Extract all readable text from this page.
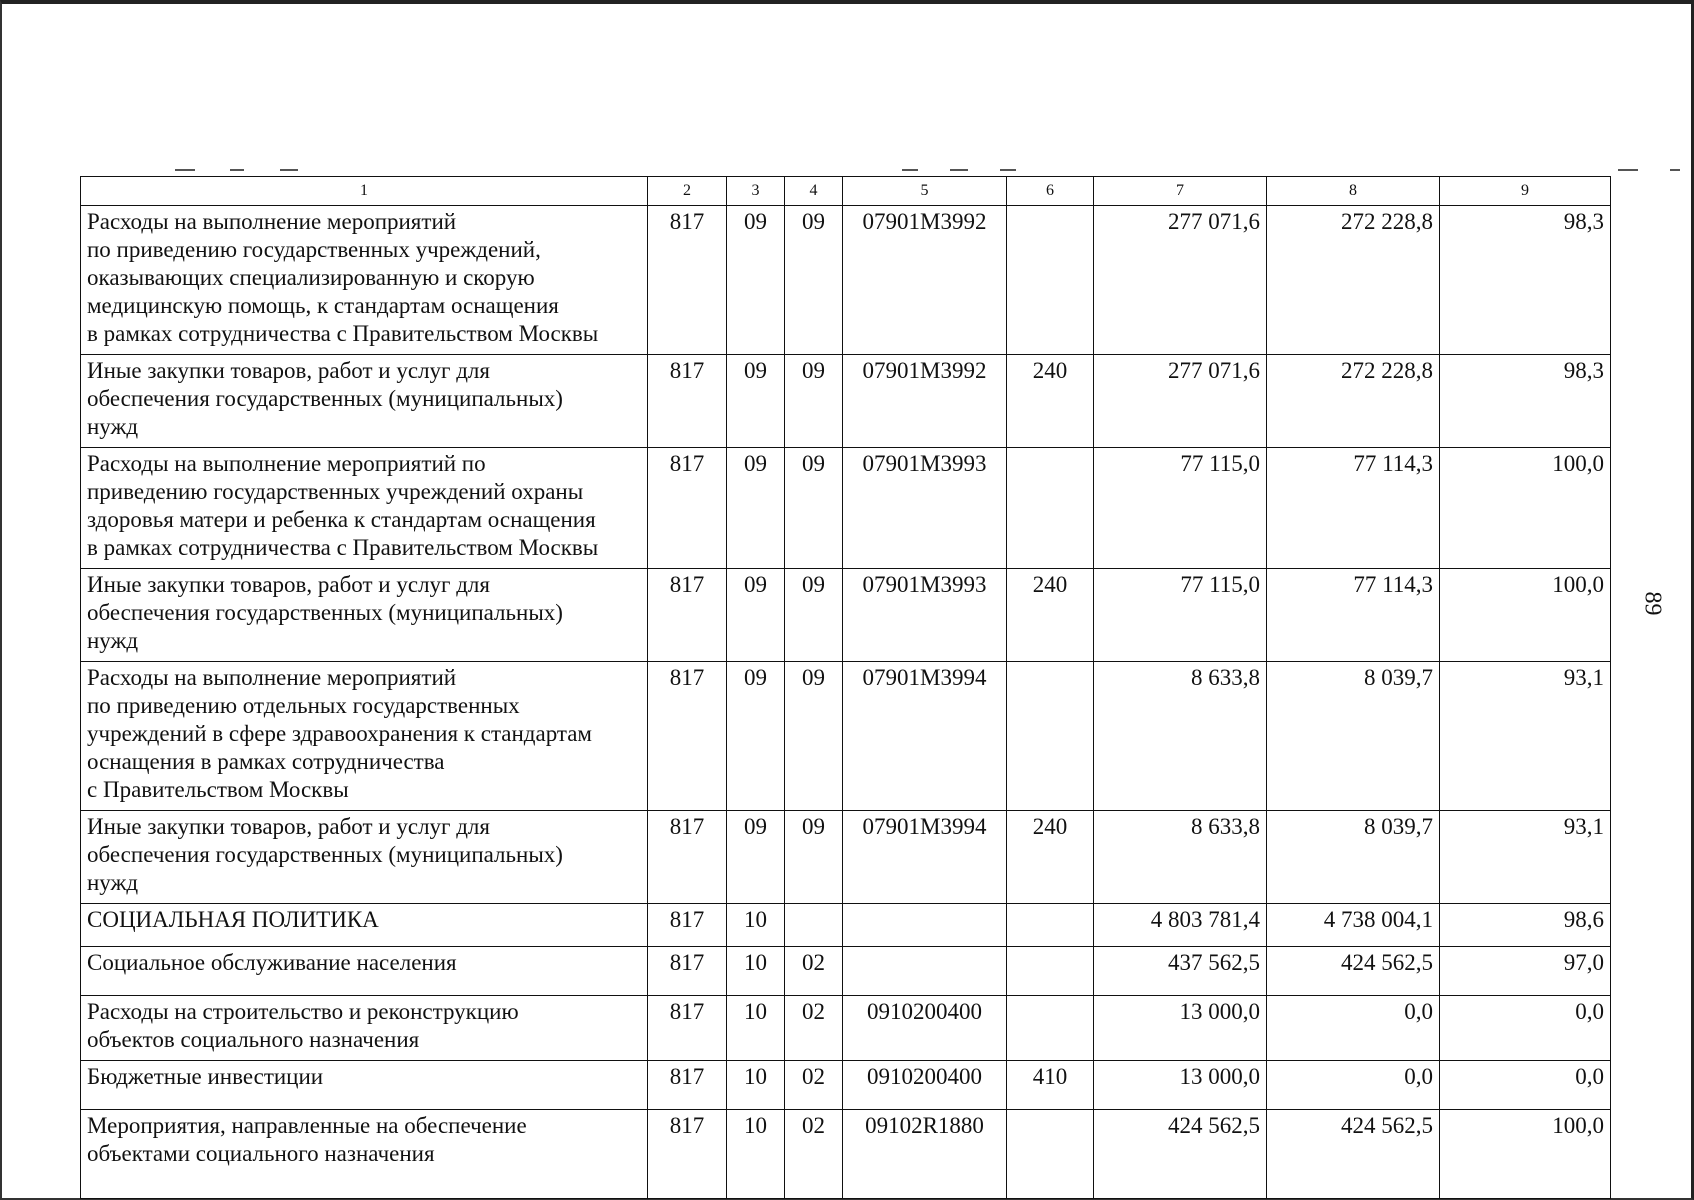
1	2	3	4	5	6	7	8	9
Расходы на выполнение мероприятий
по приведению государственных учреждений,
оказывающих специализированную и скорую
медицинскую помощь, к стандартам оснащения
в рамках сотрудничества с Правительством Москвы	817	09	09	07901M3992		277 071,6	272 228,8	98,3
Иные закупки товаров, работ и услуг для
обеспечения государственных (муниципальных)
нужд	817	09	09	07901M3992	240	277 071,6	272 228,8	98,3
Расходы на выполнение мероприятий по
приведению государственных учреждений охраны
здоровья матери и ребенка к стандартам оснащения
в рамках сотрудничества с Правительством Москвы	817	09	09	07901M3993		77 115,0	77 114,3	100,0
Иные закупки товаров, работ и услуг для
обеспечения государственных (муниципальных)
нужд	817	09	09	07901M3993	240	77 115,0	77 114,3	100,0
Расходы на выполнение мероприятий
по приведению отдельных государственных
учреждений в сфере здравоохранения к стандартам
оснащения в рамках сотрудничества
с Правительством Москвы	817	09	09	07901M3994		8 633,8	8 039,7	93,1
Иные закупки товаров, работ и услуг для
обеспечения государственных (муниципальных)
нужд	817	09	09	07901M3994	240	8 633,8	8 039,7	93,1
СОЦИАЛЬНАЯ ПОЛИТИКА	817	10				4 803 781,4	4 738 004,1	98,6
Социальное обслуживание населения	817	10	02			437 562,5	424 562,5	97,0
Расходы на строительство и реконструкцию
объектов социального назначения	817	10	02	0910200400		13 000,0	0,0	0,0
Бюджетные инвестиции	817	10	02	0910200400	410	13 000,0	0,0	0,0
Мероприятия, направленные на обеспечение
объектами социального назначения	817	10	02	09102R1880		424 562,5	424 562,5	100,0
89
